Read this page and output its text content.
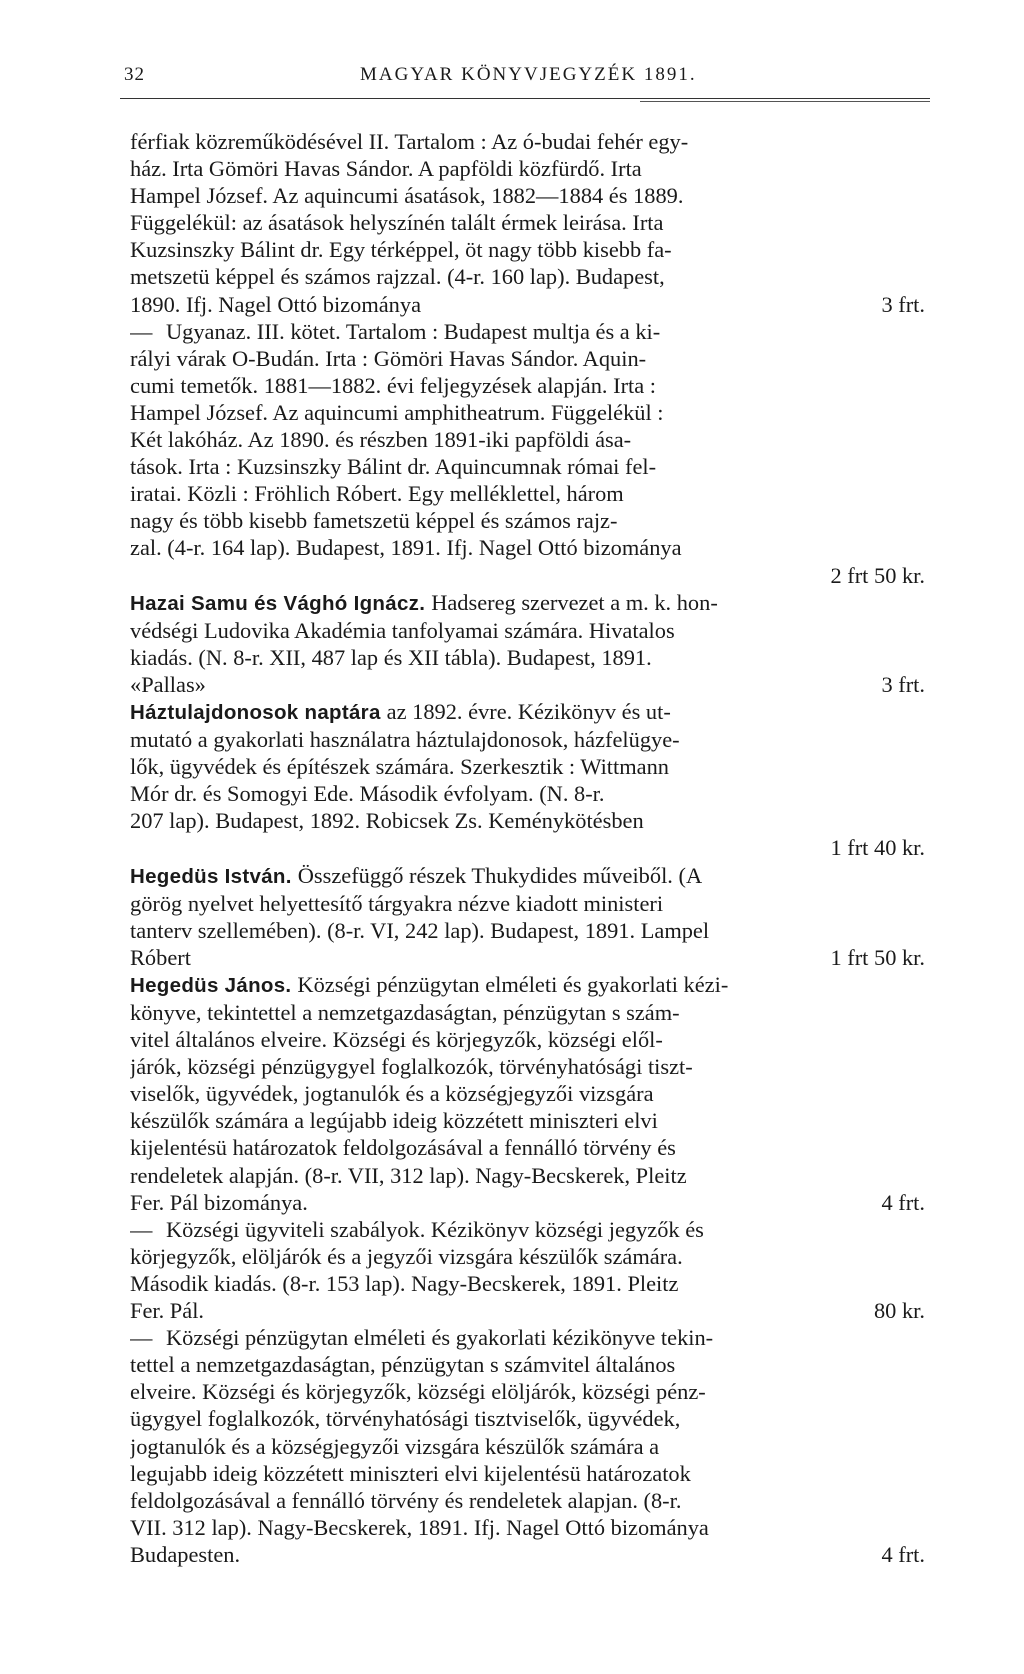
32	MAGYAR KÖNYVJEGYZÉK 1891.
férfiak közreműködésével II. Tartalom : Az ó-budai fehér egy-
ház. Irta Gömöri Havas Sándor. A papföldi közfürdő. Irta
Hampel József. Az aquincumi ásatások, 1882—1884 és 1889.
Függelékül: az ásatások helyszínén talált érmek leirása. Irta
Kuzsinszky Bálint dr. Egy térképpel, öt nagy több kisebb fa-
metszetü képpel és számos rajzzal. (4-r. 160 lap). Budapest,
1890. Ifj. Nagel Ottó bizománya	3 frt.
— Ugyanaz. III. kötet. Tartalom : Budapest multja és a ki-
rályi várak O-Budán. Irta : Gömöri Havas Sándor. Aquin-
cumi temetők. 1881—1882. évi feljegyzések alapján. Irta :
Hampel József. Az aquincumi amphitheatrum. Függelékül :
Két lakóház. Az 1890. és részben 1891-iki papföldi ása-
tások. Irta : Kuzsinszky Bálint dr. Aquincumnak római fel-
iratai. Közli : Fröhlich Róbert. Egy melléklettel, három
nagy és több kisebb fametszetü képpel és számos rajz-
zal. (4-r. 164 lap). Budapest, 1891. Ifj. Nagel Ottó bizománya
2 frt 50 kr.
Hazai Samu és Vághó Ignácz. Hadsereg szervezet a m. k. hon-
védségi Ludovika Akadémia tanfolyamai számára. Hivatalos
kiadás. (N. 8-r. XII, 487 lap és XII tábla). Budapest, 1891.
«Pallas»	3 frt.
Háztulajdonosok naptára az 1892. évre. Kézikönyv és ut-
mutató a gyakorlati használatra háztulajdonosok, házfelügye-
lők, ügyvédek és építészek számára. Szerkesztik : Wittmann
Mór dr. és Somogyi Ede. Második évfolyam. (N. 8-r.
207 lap). Budapest, 1892. Robicsek Zs. Keménykötésben
1 frt 40 kr.
Hegedüs István. Összefüggő részek Thukydides műveiből. (A
görög nyelvet helyettesítő tárgyakra nézve kiadott ministeri
tanterv szellemében). (8-r. VI, 242 lap). Budapest, 1891. Lampel
Róbert	1 frt 50 kr.
Hegedüs János. Községi pénzügytan elméleti és gyakorlati kézi-
könyve, tekintettel a nemzetgazdaságtan, pénzügytan s szám-
vitel általános elveire. Községi és körjegyzők, községi elől-
járók, községi pénzügygyel foglalkozók, törvényhatósági tiszt-
viselők, ügyvédek, jogtanulók és a községjegyzői vizsgára
készülők számára a legújabb ideig közzétett miniszteri elvi
kijelentésü határozatok feldolgozásával a fennálló törvény és
rendeletek alapján. (8-r. VII, 312 lap). Nagy-Becskerek, Pleitz
Fer. Pál bizománya.	4 frt.
— Községi ügyviteli szabályok. Kézikönyv községi jegyzők és
körjegyzők, elöljárók és a jegyzői vizsgára készülők számára.
Második kiadás. (8-r. 153 lap). Nagy-Becskerek, 1891. Pleitz
Fer. Pál.	80 kr.
— Községi pénzügytan elméleti és gyakorlati kézikönyve tekin-
tettel a nemzetgazdaságtan, pénzügytan s számvitel általános
elveire. Községi és körjegyzők, községi elöljárók, községi pénz-
ügygyel foglalkozók, törvényhatósági tisztviselők, ügyvédek,
jogtanulók és a községjegyzői vizsgára készülők számára a
legujabb ideig közzétett miniszteri elvi kijelentésü határozatok
feldolgozásával a fennálló törvény és rendeletek alapjan. (8-r.
VII. 312 lap). Nagy-Becskerek, 1891. Ifj. Nagel Ottó bizománya
Budapesten.	4 frt.
